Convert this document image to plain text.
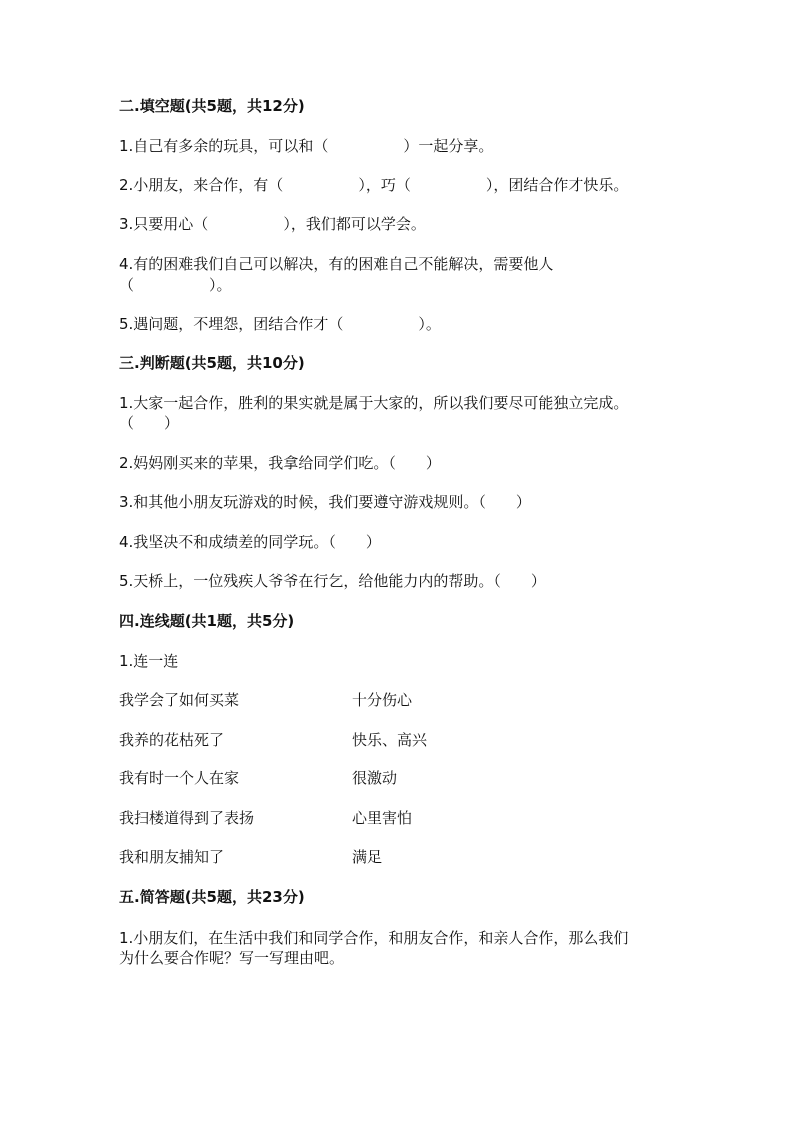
二.填空题(共5题，共12分)
1.自己有多余的玩具，可以和（　　　　　）一起分享。
2.小朋友，来合作，有（　　　　　），巧（　　　　　），团结合作才快乐。
3.只要用心（　　　　　），我们都可以学会。
4.有的困难我们自己可以解决，有的困难自己不能解决，需要他人
（　　　　　）。
5.遇问题，不埋怨，团结合作才（　　　　　）。
三.判断题(共5题，共10分)
1.大家一起合作，胜利的果实就是属于大家的，所以我们要尽可能独立完成。
（　　）
2.妈妈刚买来的苹果，我拿给同学们吃。（　　）
3.和其他小朋友玩游戏的时候，我们要遵守游戏规则。（　　）
4.我坚决不和成绩差的同学玩。（　　）
5.天桥上，一位残疾人爷爷在行乞，给他能力内的帮助。（　　）
四.连线题(共1题，共5分)
1.连一连
我学会了如何买菜	十分伤心
我养的花枯死了	快乐、高兴
我有时一个人在家	很激动
我扫楼道得到了表扬	心里害怕
我和朋友捕知了	满足
五.简答题(共5题，共23分)
1.小朋友们，在生活中我们和同学合作，和朋友合作，和亲人合作，那么我们
为什么要合作呢？写一写理由吧。
